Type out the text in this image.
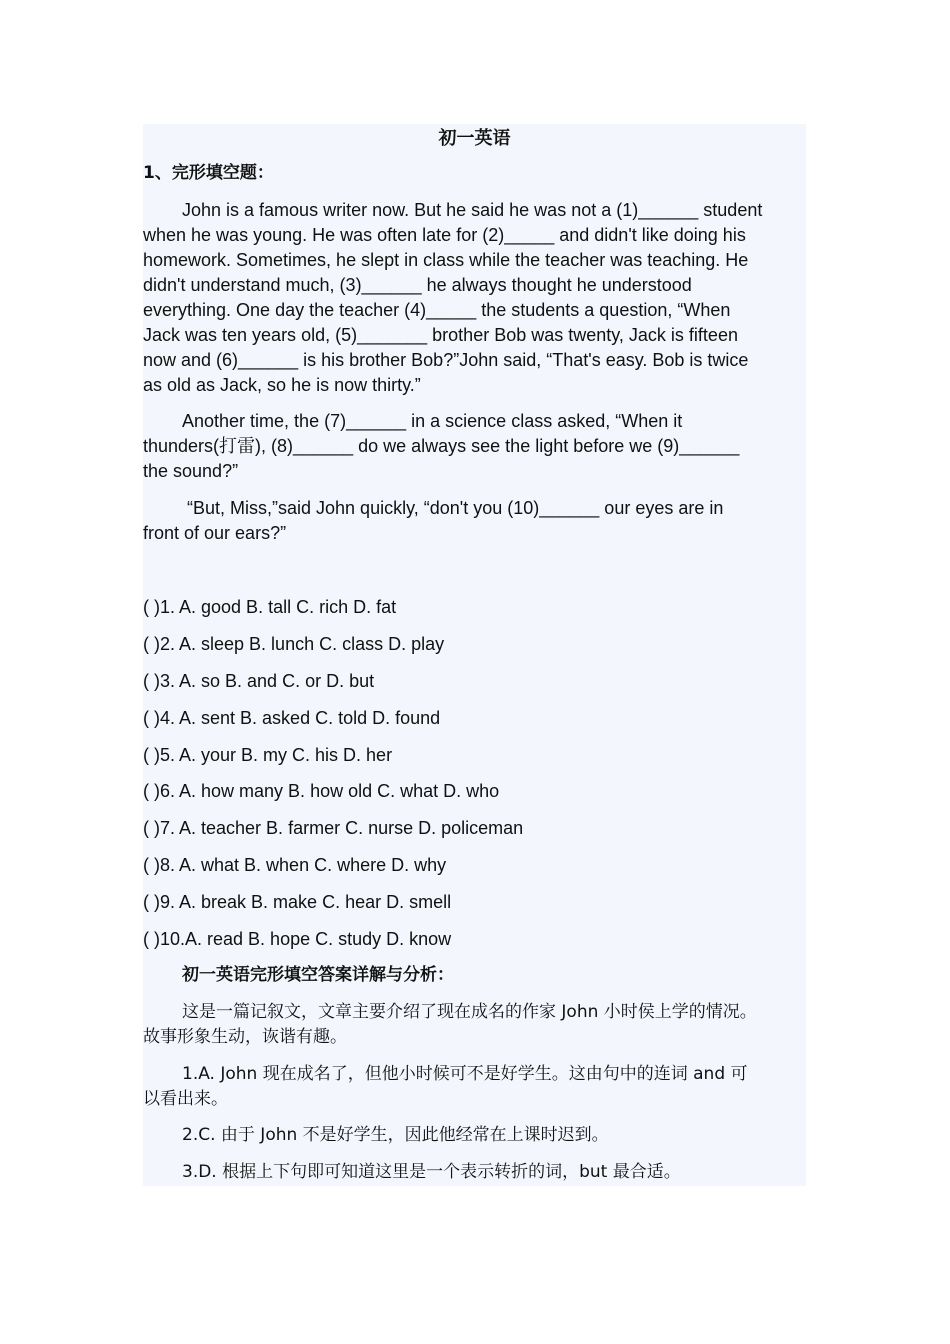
初一英语
1、完形填空题：
John is a famous writer now. But he said he was not a (1)______ student
when he was young. He was often late for (2)_____ and didn't like doing his
homework. Sometimes, he slept in class while the teacher was teaching. He
didn't understand much, (3)______ he always thought he understood
everything. One day the teacher (4)_____ the students a question, “When
Jack was ten years old, (5)_______ brother Bob was twenty, Jack is fifteen
now and (6)______ is his brother Bob?”John said, “That's easy. Bob is twice
as old as Jack, so he is now thirty.”
Another time, the (7)______ in a science class asked, “When it
thunders(打雷), (8)______ do we always see the light before we (9)______
the sound?”
“But, Miss,”said John quickly, “don't you (10)______ our eyes are in
front of our ears?”
( )1. A. good B. tall C. rich D. fat
( )2. A. sleep B. lunch C. class D. play
( )3. A. so B. and C. or D. but
( )4. A. sent B. asked C. told D. found
( )5. A. your B. my C. his D. her
( )6. A. how many B. how old C. what D. who
( )7. A. teacher B. farmer C. nurse D. policeman
( )8. A. what B. when C. where D. why
( )9. A. break B. make C. hear D. smell
( )10.A. read B. hope C. study D. know
初一英语完形填空答案详解与分析：
这是一篇记叙文，文章主要介绍了现在成名的作家 John 小时侯上学的情况。
故事形象生动，诙谐有趣。
1.A. John 现在成名了，但他小时候可不是好学生。这由句中的连词 and 可
以看出来。
2.C. 由于 John 不是好学生，因此他经常在上课时迟到。
3.D. 根据上下句即可知道这里是一个表示转折的词，but 最合适。
